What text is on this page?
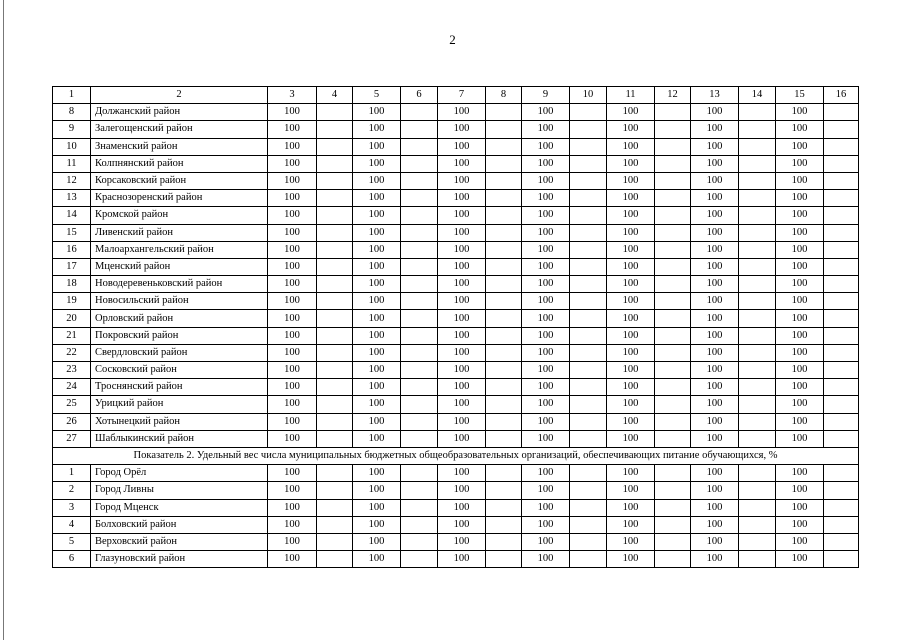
2
1	2	3	4	5	6	7	8	9	10	11	12	13	14	15	16
8	Должанский район	100		100		100		100		100		100		100	
9	Залегощенский район	100		100		100		100		100		100		100	
10	Знаменский район	100		100		100		100		100		100		100	
11	Колпнянский район	100		100		100		100		100		100		100	
12	Корсаковский район	100		100		100		100		100		100		100	
13	Краснозоренский район	100		100		100		100		100		100		100	
14	Кромской район	100		100		100		100		100		100		100	
15	Ливенский район	100		100		100		100		100		100		100	
16	Малоархангельский район	100		100		100		100		100		100		100	
17	Мценский район	100		100		100		100		100		100		100	
18	Новодеревеньковский район	100		100		100		100		100		100		100	
19	Новосильский район	100		100		100		100		100		100		100	
20	Орловский район	100		100		100		100		100		100		100	
21	Покровский район	100		100		100		100		100		100		100	
22	Свердловский район	100		100		100		100		100		100		100	
23	Сосковский район	100		100		100		100		100		100		100	
24	Троснянский район	100		100		100		100		100		100		100	
25	Урицкий район	100		100		100		100		100		100		100	
26	Хотынецкий район	100		100		100		100		100		100		100	
27	Шаблыкинский район	100		100		100		100		100		100		100	
Показатель 2. Удельный вес числа муниципальных бюджетных общеобразовательных организаций, обеспечивающих питание обучающихся, %															
1	Город Орёл	100		100		100		100		100		100		100	
2	Город Ливны	100		100		100		100		100		100		100	
3	Город Мценск	100		100		100		100		100		100		100	
4	Болховский район	100		100		100		100		100		100		100	
5	Верховский район	100		100		100		100		100		100		100	
6	Глазуновский район	100		100		100		100		100		100		100	
